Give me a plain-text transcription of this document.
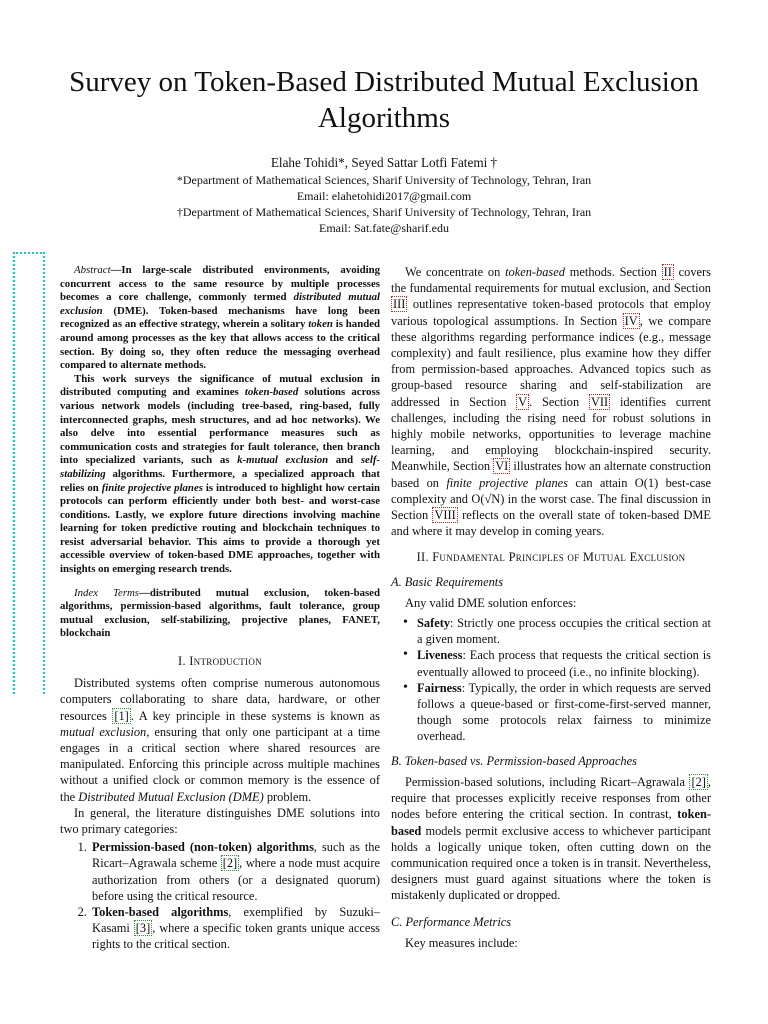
Survey on Token-Based Distributed Mutual Exclusion Algorithms
Elahe Tohidi*, Seyed Sattar Lotfi Fatemi †
*Department of Mathematical Sciences, Sharif University of Technology, Tehran, Iran
Email: elahetohidi2017@gmail.com
†Department of Mathematical Sciences, Sharif University of Technology, Tehran, Iran
Email: Sat.fate@sharif.edu

Abstract—In large-scale distributed environments, avoiding concurrent access to the same resource by multiple processes becomes a core challenge, commonly termed distributed mutual exclusion (DME). Token-based mechanisms have long been recognized as an effective strategy, wherein a solitary token is handed around among processes as the key that allows access to the critical section. By doing so, they often reduce the messaging overhead compared to alternate methods.

This work surveys the significance of mutual exclusion in distributed computing and examines token-based solutions across various network models (including tree-based, ring-based, fully interconnected graphs, mesh structures, and ad hoc networks). We also delve into essential performance measures such as communication costs and strategies for fault tolerance, then branch into specialized variants, such as k-mutual exclusion and self-stabilizing algorithms. Furthermore, a specialized approach that relies on finite projective planes is introduced to highlight how certain protocols can perform efficiently under both best- and worst-case conditions. Lastly, we explore future directions involving machine learning for token predictive routing and blockchain techniques to resist adversarial behavior. This aims to provide a thorough yet accessible overview of token-based DME approaches, together with insights on emerging research trends.

Index Terms—distributed mutual exclusion, token-based algorithms, permission-based algorithms, fault tolerance, group mutual exclusion, self-stabilizing, projective planes, FANET, blockchain

I. Introduction

Distributed systems often comprise numerous autonomous computers collaborating to share data, hardware, or other resources [1] . A key principle in these systems is known as mutual exclusion, ensuring that only one participant at a time engages in a critical section where shared resources are manipulated. Enforcing this principle across multiple machines without a unified clock or common memory is the essence of the Distributed Mutual Exclusion (DME) problem.

In general, the literature distinguishes DME solutions into two primary categories:

1. Permission-based (non-token) algorithms, such as the Ricart–Agrawala scheme [2] , where a node must acquire authorization from others (or a designated quorum) before using the critical resource.
2. Token-based algorithms, exemplified by Suzuki–Kasami [3] , where a specific token grants unique access rights to the critical section.

We concentrate on token-based methods. Section II covers the fundamental requirements for mutual exclusion, and Section III outlines representative token-based protocols that employ various topological assumptions. In Section IV , we compare these algorithms regarding performance indices (e.g., message complexity) and fault resilience, plus examine how they differ from permission-based approaches. Advanced topics such as group-based resource sharing and self-stabilization are addressed in Section V . Section VII identifies current challenges, including the rising need for robust solutions in highly mobile networks, opportunities to leverage machine learning, and employing blockchain-inspired security. Meanwhile, Section VI illustrates how an alternate construction based on finite projective planes can attain O(1) best-case complexity and O(√N) in the worst case. The final discussion in Section VIII reflects on the overall state of token-based DME and where it may develop in coming years.

II. Fundamental Principles of Mutual Exclusion
A. Basic Requirements

Any valid DME solution enforces:

• Safety: Strictly one process occupies the critical section at a given moment.
• Liveness: Each process that requests the critical section is eventually allowed to proceed (i.e., no infinite blocking).
• Fairness: Typically, the order in which requests are served follows a queue-based or first-come-first-served manner, though some protocols relax fairness to minimize overhead.
B. Token-based vs. Permission-based Approaches

Permission-based solutions, including Ricart–Agrawala [2] , require that processes explicitly receive responses from other nodes before entering the critical section. In contrast, token-based models permit exclusive access to whichever participant holds a logically unique token, often cutting down on the communication required once a token is in transit. Nevertheless, designers must guard against situations where the token is mistakenly duplicated or dropped.

C. Performance Metrics

Key measures include:
